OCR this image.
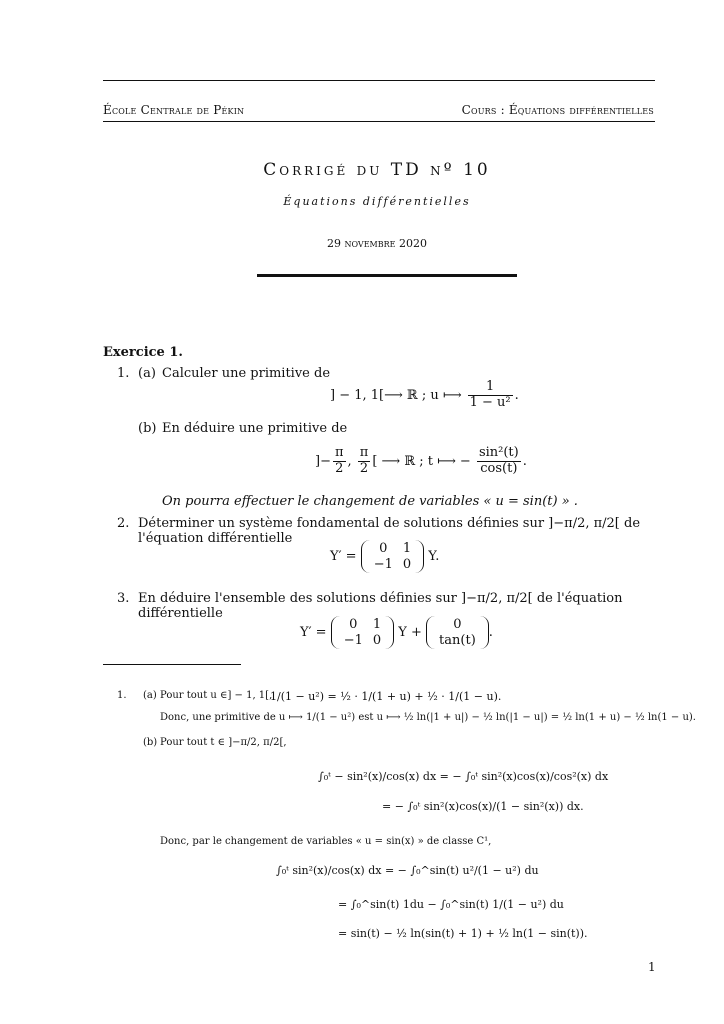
École Centrale de Pékin	Cours : Équations différentielles
Corrigé du TD nº 10
Équations différentielles
29 novembre 2020
Exercice 1.
1. (a) Calculer une primitive de
] − 1, 1[⟶ ℝ ; u ⟼ $\frac{1}{\text{1 − u²}}$ .
(b) En déduire une primitive de
]− $\frac{\pi}{2}$ , $\frac{\pi}{2}$ [ ⟶ ℝ ; t ⟼ − $\frac{\text{sin²(t)}}{\cos(t)}$ .
On pourra effectuer le changement de variables « u = sin(t) » .
2. Déterminer un système fondamental de solutions définies sur ]−π/2, π/2[ de l'équation différentielle
Y′ =
0	1
−1	0 Y.
3. En déduire l'ensemble des solutions définies sur ]−π/2, π/2[ de l'équation différentielle
Y′ =
0	1
−1	0 Y +
0
tan(t) .
1. (a) Pour tout u ∈] − 1, 1[,
1/(1 − u²) = ½ · 1/(1 + u) + ½ · 1/(1 − u).
Donc, une primitive de u ⟼ 1/(1 − u²) est u ⟼ ½ ln(|1 + u|) − ½ ln(|1 − u|) = ½ ln(1 + u) − ½ ln(1 − u).
(b) Pour tout t ∈ ]−π/2, π/2[,
∫₀ᵗ − sin²(x)/cos(x) dx = − ∫₀ᵗ sin²(x)cos(x)/cos²(x) dx
= − ∫₀ᵗ sin²(x)cos(x)/(1 − sin²(x)) dx.
Donc, par le changement de variables « u = sin(x) » de classe C¹,
∫₀ᵗ sin²(x)/cos(x) dx = − ∫₀^sin(t) u²/(1 − u²) du
= ∫₀^sin(t) 1du − ∫₀^sin(t) 1/(1 − u²) du
= sin(t) − ½ ln(sin(t) + 1) + ½ ln(1 − sin(t)).
1
